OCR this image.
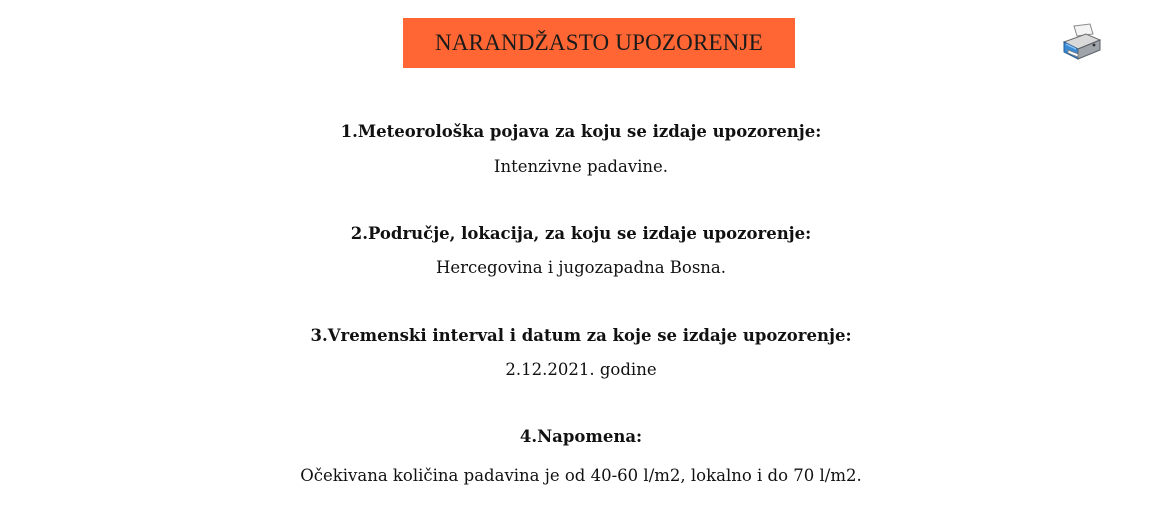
NARANDŽASTO UPOZORENJE
1.Meteorološka pojava za koju se izdaje upozorenje:
Intenzivne padavine.
2.Područje, lokacija, za koju se izdaje upozorenje:
Hercegovina i jugozapadna Bosna.
3.Vremenski interval i datum za koje se izdaje upozorenje:
2.12.2021. godine
4.Napomena:
Očekivana količina padavina je od 40-60 l/m2, lokalno i do 70 l/m2.
